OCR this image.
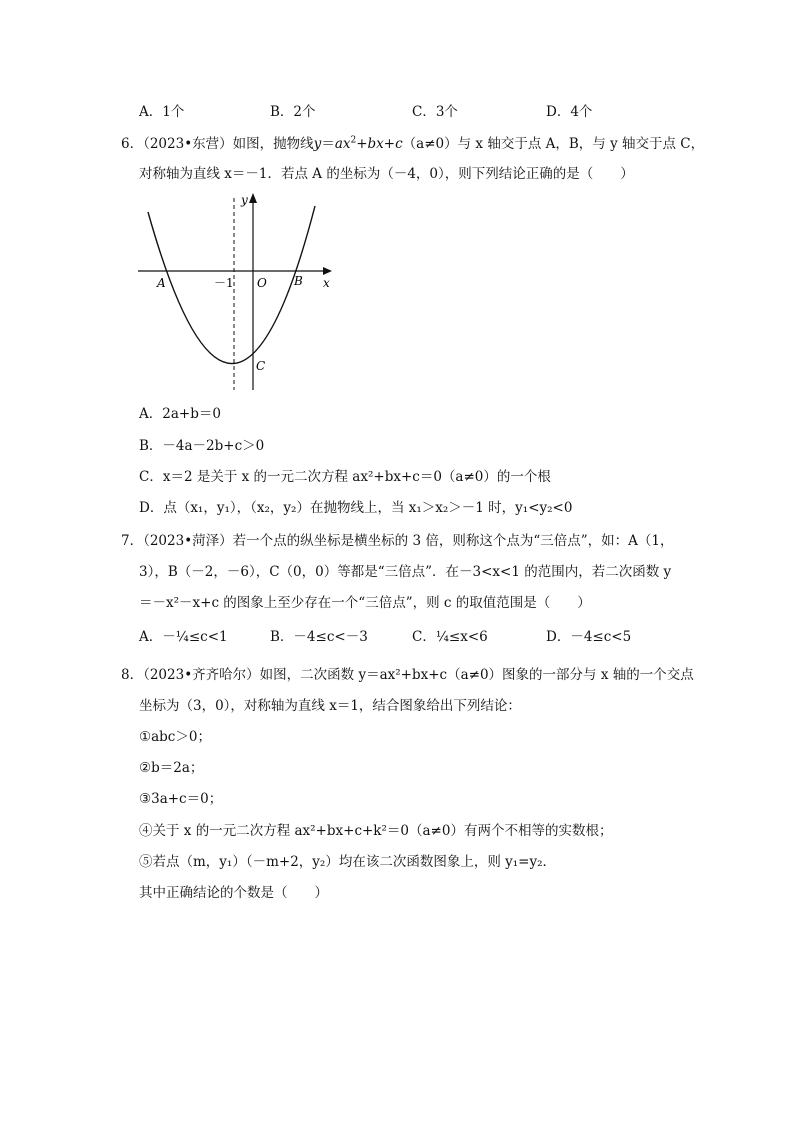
A．1个	B．2个	C．3个	D．4个
6．（2023•东营）如图，抛物线$y=ax^2+bx+c(a\ne 0)$与 x 轴交于点 A，B，与 y 轴交于点 C，
对称轴为直线 x＝－1．若点 A 的坐标为（－4，0），则下列结论正确的是（　　）
y
A	－1 O B x
C
A．2a+b＝0
B．－4a－2b+c＞0
C．x＝2 是关于 x 的一元二次方程 ax²+bx+c＝0（a≠0）的一个根
D．点（x₁，y₁），（x₂，y₂）在抛物线上，当 x₁＞x₂＞－1 时，y₁<y₂<0
7．（2023•菏泽）若一个点的纵坐标是横坐标的 3 倍，则称这个点为“三倍点”，如：A（1，
3），B（－2，－6），C（0，0）等都是“三倍点”．在－3<x<1 的范围内，若二次函数 y
＝－x²－x+c 的图象上至少存在一个“三倍点”，则 c 的取值范围是（　　）
A．－¼≤c<1	B．－4≤c<－3	C．¼≤x<6	D．－4≤c<5
8．（2023•齐齐哈尔）如图，二次函数 y＝ax²+bx+c（a≠0）图象的一部分与 x 轴的一个交点
坐标为（3，0），对称轴为直线 x＝1，结合图象给出下列结论：
①abc＞0；
②b＝2a；
③3a+c＝0；
④关于 x 的一元二次方程 ax²+bx+c+k²＝0（a≠0）有两个不相等的实数根；
⑤若点（m，y₁）（－m+2，y₂）均在该二次函数图象上，则 y₁=y₂．
其中正确结论的个数是（　　）
